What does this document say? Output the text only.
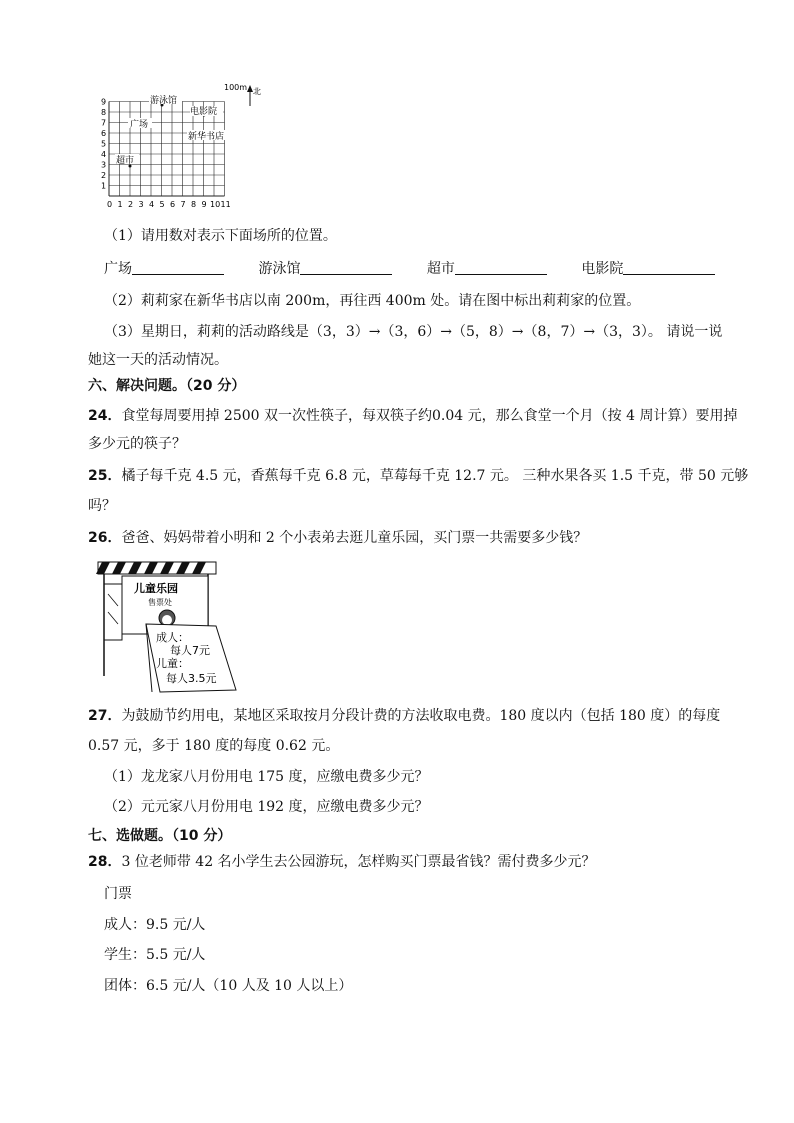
0 1 2 3 4 5 6 7 8 9 10 11
1
2
3
4
5
6
7
8
9
100m 北
游泳馆
电影院
广场
新华书店
超市
（1）请用数对表示下面场所的位置。
广场	游泳馆	超市	电影院
（2）莉莉家在新华书店以南 200m，再往西 400m 处。请在图中标出莉莉家的位置。
（3）星期日，莉莉的活动路线是（3，3）→（3，6）→（5，8）→（8，7）→（3，3）。 请说一说
她这一天的活动情况。
六、解决问题。（20 分）
24．食堂每周要用掉 2500 双一次性筷子，每双筷子约0.04 元，那么食堂一个月（按 4 周计算）要用掉
多少元的筷子？
25．橘子每千克 4.5 元，香蕉每千克 6.8 元，草莓每千克 12.7 元。 三种水果各买 1.5 千克，带 50 元够
吗？
26．爸爸、妈妈带着小明和 2 个小表弟去逛儿童乐园，买门票一共需要多少钱？
儿童乐园
售票处
成人：
每人7元
儿童：
每人3.5元
27．为鼓励节约用电，某地区采取按月分段计费的方法收取电费。180 度以内（包括 180 度）的每度
0.57 元，多于 180 度的每度 0.62 元。
（1）龙龙家八月份用电 175 度，应缴电费多少元？
（2）元元家八月份用电 192 度，应缴电费多少元？
七、选做题。（10 分）
28．3 位老师带 42 名小学生去公园游玩，怎样购买门票最省钱？需付费多少元？
门票
成人：9.5 元/人
学生：5.5 元/人
团体：6.5 元/人（10 人及 10 人以上）
